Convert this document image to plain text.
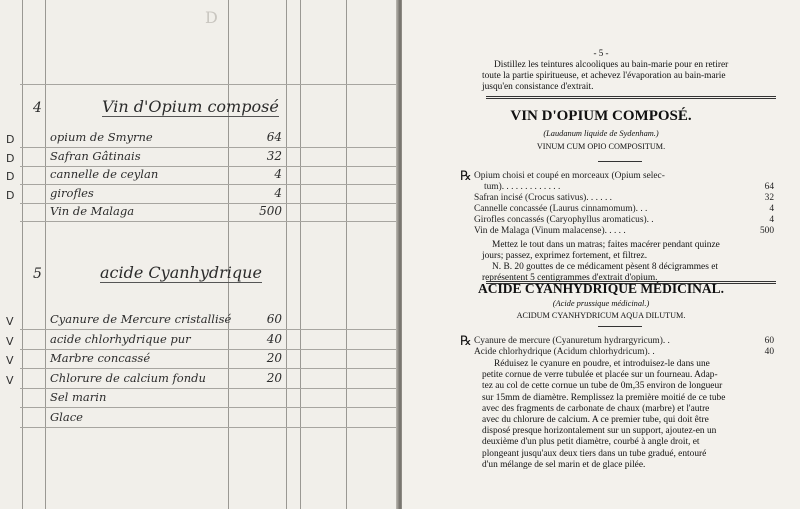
D
4	Vin d'Opium composé
D	opium de Smyrne	64
D	Safran Gâtinais	32
D	cannelle de ceylan	4
D	girofles	4
Vin de Malaga	500
5	acide Cyanhydrique
V	Cyanure de Mercure cristallisé	60
V	acide chlorhydrique pur	40
V	Marbre concassé	20
V	Chlorure de calcium fondu	20
Sel marin
Glace
- 5 -
Distillez les teintures alcooliques au bain-marie pour en retirer
toute la partie spiritueuse, et achevez l'évaporation au bain-marie
jusqu'en consistance d'extrait.
VIN D'OPIUM COMPOSÉ.
(Laudanum liquide de Sydenham.)
VINUM CUM OPIO COMPOSITUM.
℞ Opium choisi et coupé en morceaux (Opium selec-
tum). . . . . . . . . . . . .	64
Safran incisé (Crocus sativus). . . . . .	32
Cannelle concassée (Laurus cinnamomum). . .	4
Girofles concassés (Caryophyllus aromaticus). .	4
Vin de Malaga (Vinum malacense). . . . .	500
Mettez le tout dans un matras; faites macérer pendant quinze
jours; passez, exprimez fortement, et filtrez.
N. B. 20 gouttes de ce médicament pèsent 8 décigrammes et
représentent 5 centigrammes d'extrait d'opium.
ACIDE CYANHYDRIQUE MÉDICINAL.
(Acide prussique médicinal.)
ACIDUM CYANHYDRICUM AQUA DILUTUM.
℞ Cyanure de mercure (Cyanuretum hydrargyricum). .	60
Acide chlorhydrique (Acidum chlorhydricum). .	40
Réduisez le cyanure en poudre, et introduisez-le dans une
petite cornue de verre tubulée et placée sur un fourneau. Adap-
tez au col de cette cornue un tube de 0m,35 environ de longueur
sur 15mm de diamètre. Remplissez la première moitié de ce tube
avec des fragments de carbonate de chaux (marbre) et l'autre
avec du chlorure de calcium. A ce premier tube, qui doit être
disposé presque horizontalement sur un support, ajoutez-en un
deuxième d'un plus petit diamètre, courbé à angle droit, et
plongeant jusqu'aux deux tiers dans un tube gradué, entouré
d'un mélange de sel marin et de glace pilée.
